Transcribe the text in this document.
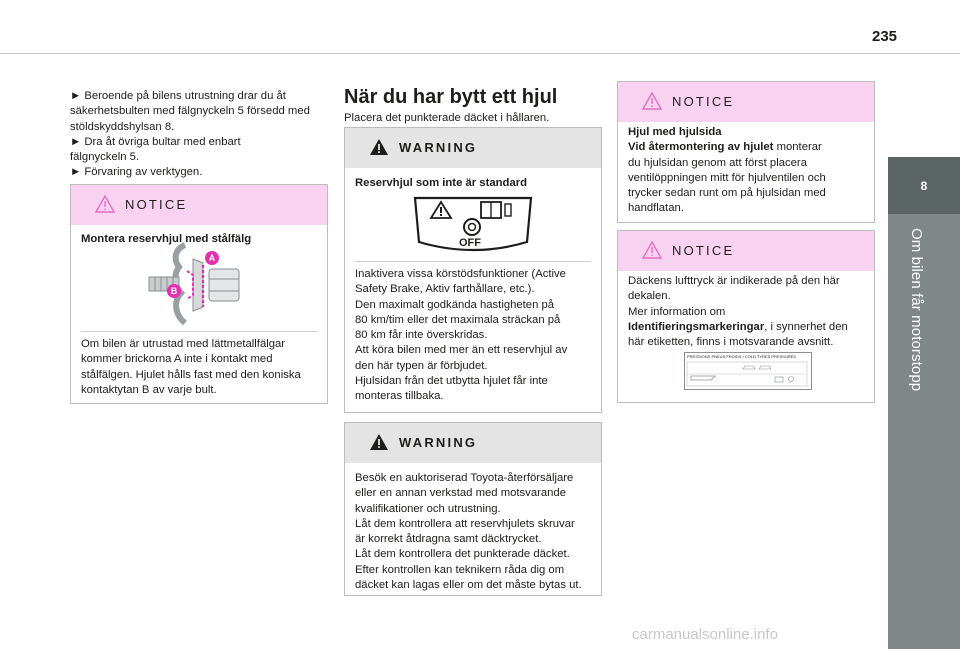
235
8
Om bilen får motorstopp

► Beroende på bilens utrustning drar du åt

säkerhetsbulten med fälgnyckeln 5 försedd med

stöldskyddshylsan 8.

► Dra åt övriga bultar med enbart

fälgnyckeln 5.

► Förvaring av verktygen.

NOTICE
Montera reservhjul med stålfälg
A
B
Om bilen är utrustad med lättmetallfälgar
kommer brickorna A inte i kontakt med
stålfälgen. Hjulet hålls fast med den koniska
kontaktytan B av varje bult.
När du har bytt ett hjul
Placera det punkterade däcket i hållaren.
WARNING
Reservhjul som inte är standard
OFF
Inaktivera vissa körstödsfunktioner (Active
Safety Brake, Aktiv farthållare, etc.).
Den maximalt godkända hastigheten på
80 km/tim eller det maximala sträckan på
80 km får inte överskridas.
Att köra bilen med mer än ett reservhjul av
den här typen är förbjudet.
Hjulsidan från det utbytta hjulet får inte
monteras tillbaka.
WARNING
Besök en auktoriserad Toyota-återförsäljare
eller en annan verkstad med motsvarande
kvalifikationer och utrustning.
Låt dem kontrollera att reservhjulets skruvar
är korrekt åtdragna samt däcktrycket.
Låt dem kontrollera det punkterade däcket.
Efter kontrollen kan teknikern råda dig om
däcket kan lagas eller om det måste bytas ut.
NOTICE
Hjul med hjulsida
Vid återmontering av hjulet monterar
du hjulsidan genom att först placera
ventilöppningen mitt för hjulventilen och
trycker sedan runt om på hjulsidan med
handflatan.
NOTICE
Däckens lufttryck är indikerade på den här
dekalen.
Mer information om
Identifieringsmarkeringar, i synnerhet den
här etiketten, finns i motsvarande avsnitt.
PRESSIONS PNEUS FROIDS / COLD TYRES PRESSURES
carmanualsonline.info
